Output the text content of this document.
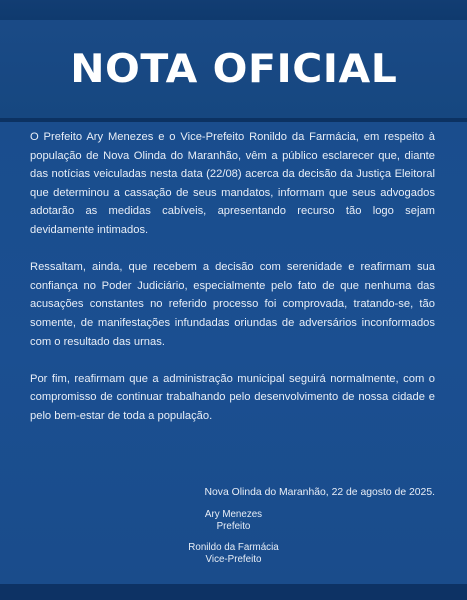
NOTA OFICIAL

O Prefeito Ary Menezes e o Vice-Prefeito Ronildo da Farmácia, em respeito à população de Nova Olinda do Maranhão, vêm a público esclarecer que, diante das notícias veiculadas nesta data (22/08) acerca da decisão da Justiça Eleitoral que determinou a cassação de seus mandatos, informam que seus advogados adotarão as medidas cabíveis, apresentando recurso tão logo sejam devidamente intimados.

Ressaltam, ainda, que recebem a decisão com serenidade e reafirmam sua confiança no Poder Judiciário, especialmente pelo fato de que nenhuma das acusações constantes no referido processo foi comprovada, tratando-se, tão somente, de manifestações infundadas oriundas de adversários inconformados com o resultado das urnas.

Por fim, reafirmam que a administração municipal seguirá normalmente, com o compromisso de continuar trabalhando pelo desenvolvimento de nossa cidade e pelo bem-estar de toda a população.

Nova Olinda do Maranhão, 22 de agosto de 2025.

Ary Menezes
Prefeito
Ronildo da Farmácia
Vice-Prefeito
